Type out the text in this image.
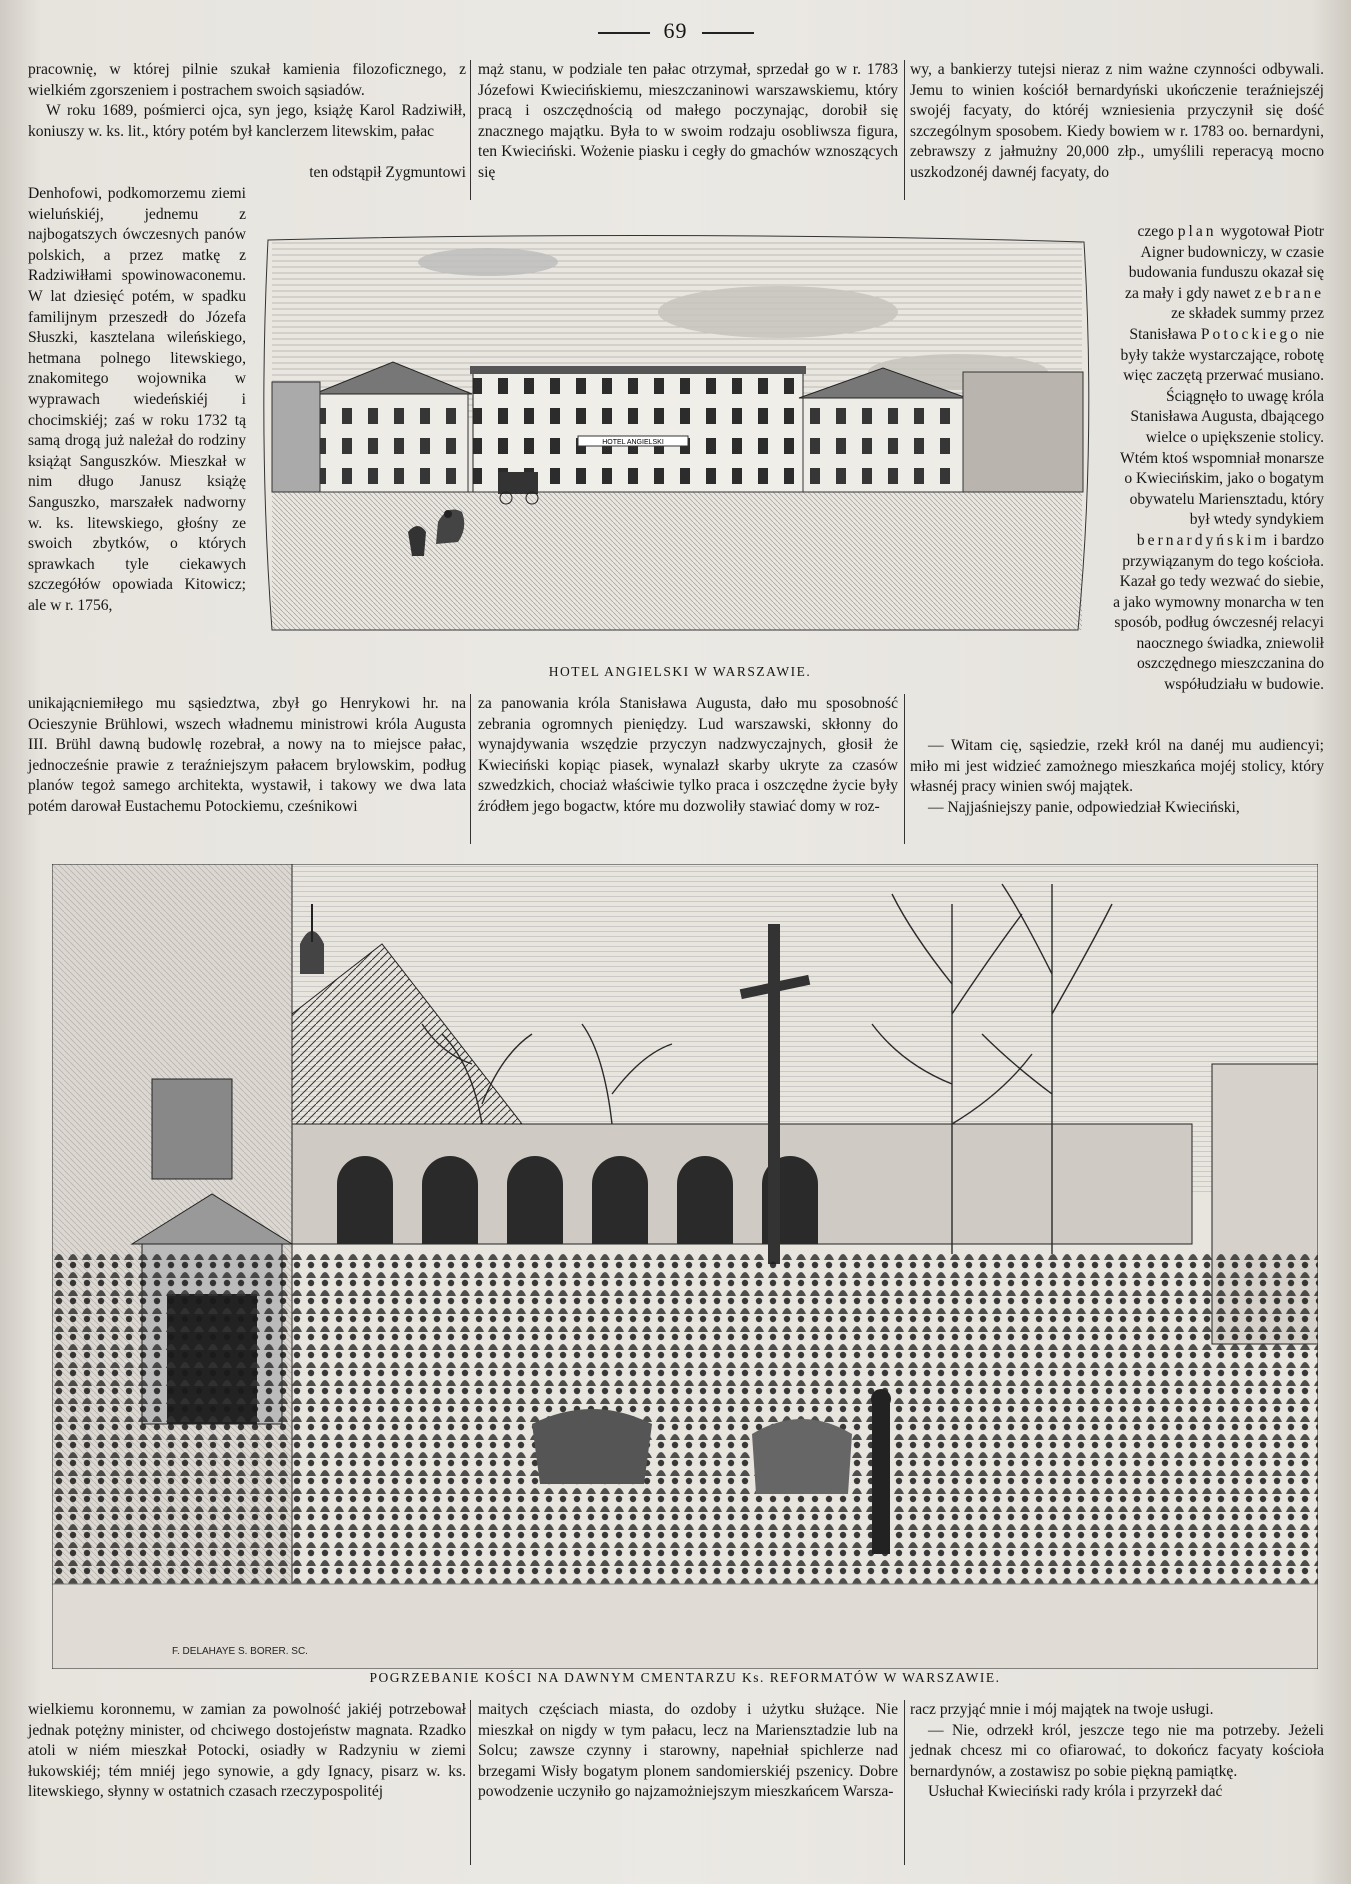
69

pracownię, w której pilnie szukał kamienia filozoficznego, z wielkiém zgorszeniem i postrachem swoich sąsiadów.

W roku 1689, pośmierci ojca, syn jego, książę Karol Radziwiłł, koniuszy w. ks. lit., który potém był kanclerzem litewskim, pałac

ten odstąpił Zygmuntowi

Denhofowi, podkomorzemu ziemi wieluńskiéj, jednemu z najbogatszych ówczesnych panów polskich, a przez matkę z Radziwiłłami spowinowaconemu. W lat dziesięć potém, w spadku familijnym przeszedł do Józefa Słuszki, kasztelana wileńskiego, hetmana polnego litewskiego, znakomitego wojownika w wyprawach wiedeńskiéj i chocimskiéj; zaś w roku 1732 tą samą drogą już należał do rodziny książąt Sanguszków. Mieszkał w nim długo Janusz książę Sanguszko, marszałek nadworny w. ks. litewskiego, głośny ze swoich zbytków, o których sprawkach tyle ciekawych szczegółów opowiada Kitowicz; ale w r. 1756,

unikającniemiłego mu sąsiedztwa, zbył go Henrykowi hr. na Ocieszynie Brühlowi, wszech władnemu ministrowi króla Augusta III. Brühl dawną budowlę rozebrał, a nowy na to miejsce pałac, jednocześnie prawie z teraźniejszym pałacem brylowskim, podług planów tegoż samego architekta, wystawił, i takowy we dwa lata potém darował Eustachemu Potockiemu, cześnikowi

mąż stanu, w podziale ten pałac otrzymał, sprzedał go w r. 1783 Józefowi Kwiecińskiemu, mieszczaninowi warszawskiemu, który pracą i oszczędnością od małego poczynając, dorobił się znacznego majątku. Była to w swoim rodzaju osobliwsza figura, ten Kwieciński. Wożenie piasku i cegły do gmachów wznoszących się

za panowania króla Stanisława Augusta, dało mu sposobność zebrania ogromnych pieniędzy. Lud warszawski, skłonny do wynajdywania wszędzie przyczyn nadzwyczajnych, głosił że Kwieciński kopiąc piasek, wynalazł skarby ukryte za czasów szwedzkich, chociaż właściwie tylko praca i oszczędne życie były źródłem jego bogactw, które mu dozwoliły stawiać domy w roz-

wy, a bankierzy tutejsi nieraz z nim ważne czynności odbywali. Jemu to winien kościół bernardyński ukończenie teraźniejszéj swojéj facyaty, do któréj wzniesienia przyczynił się dość szczególnym sposobem. Kiedy bowiem w r. 1783 oo. bernardyni, zebrawszy z jałmużny 20,000 złp., umyślili reperacyą mocno uszkodzonéj dawnéj facyaty, do

czego plan wygotował Piotr Aigner budowniczy, w czasie budowania funduszu okazał się za mały i gdy nawet zebrane ze składek summy przez Stanisława Potockiego nie były także wystarczające, robotę więc zaczętą przerwać musiano. Ściągnęło to uwagę króla Stanisława Augusta, dbającego wielce o upiększenie stolicy. Wtém ktoś wspomniał monarsze o Kwiecińskim, jako o bogatym obywatelu Mariensztadu, który był wtedy syndykiem bernardyńskim i bardzo przywiązanym do tego kościoła. Kazał go tedy wezwać do siebie, a jako wymowny monarcha w ten sposób, podług ówczesnéj relacyi naocznego świadka, zniewolił oszczędnego mieszczanina do współudziału w budowie.

— Witam cię, sąsiedzie, rzekł król na danéj mu audiencyi; miło mi jest widzieć zamożnego mieszkańca mojéj stolicy, który własnéj pracy winien swój majątek.

— Najjaśniejszy panie, odpowiedział Kwieciński,

HOTEL ANGIELSKI
HOTEL ANGIELSKI W WARSZAWIE.
F. DELAHAYE S. BORER. SC.
POGRZEBANIE KOŚCI NA DAWNYM CMENTARZU Ks. REFORMATÓW W WARSZAWIE.

wielkiemu koronnemu, w zamian za powolność jakiéj potrzebował jednak potężny minister, od chciwego dostojeństw magnata. Rzadko atoli w niém mieszkał Potocki, osiadły w Radzyniu w ziemi łukowskiéj; tém mniéj jego synowie, a gdy Ignacy, pisarz w. ks. litewskiego, słynny w ostatnich czasach rzeczypospolitéj

maitych częściach miasta, do ozdoby i użytku służące. Nie mieszkał on nigdy w tym pałacu, lecz na Mariensztadzie lub na Solcu; zawsze czynny i starowny, napełniał spichlerze nad brzegami Wisły bogatym plonem sandomierskiéj pszenicy. Dobre powodzenie uczyniło go najzamożniejszym mieszkańcem Warsza-

racz przyjąć mnie i mój majątek na twoje usługi.

— Nie, odrzekł król, jeszcze tego nie ma potrzeby. Jeżeli jednak chcesz mi co ofiarować, to dokończ facyaty kościoła bernardynów, a zostawisz po sobie piękną pamiątkę.

Usłuchał Kwieciński rady króla i przyrzekł dać
